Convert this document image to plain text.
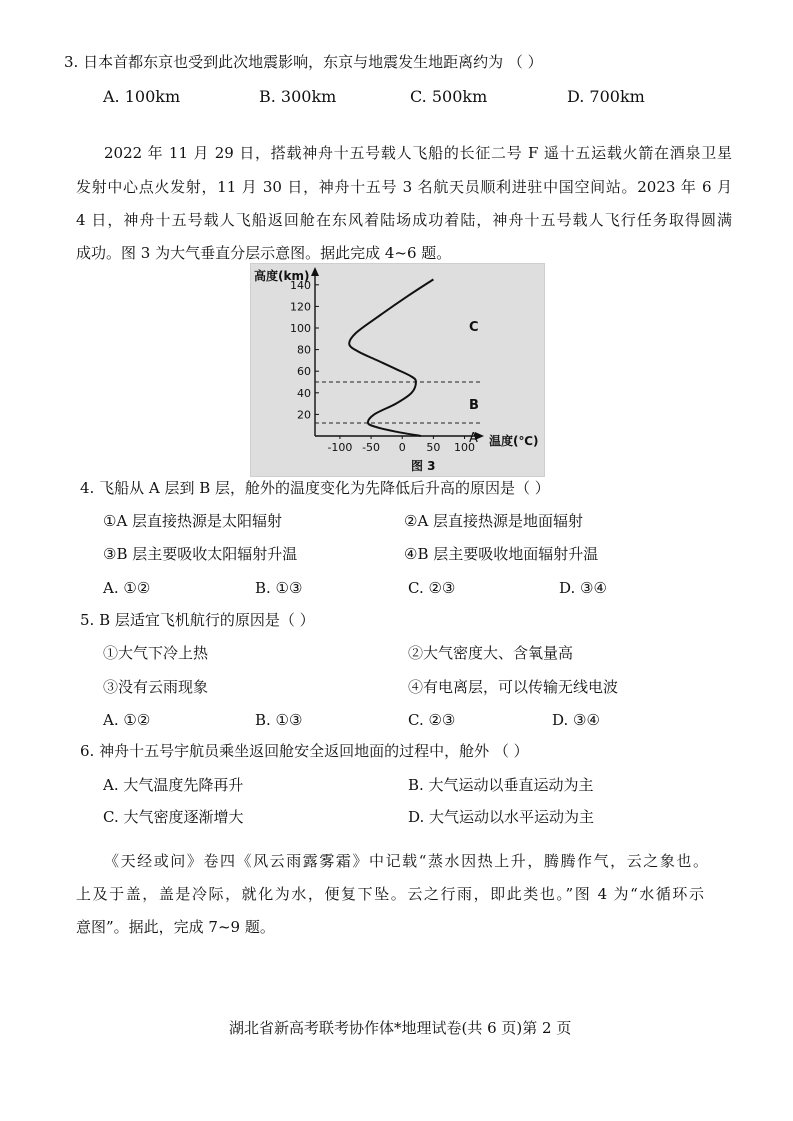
3. 日本首都东京也受到此次地震影响，东京与地震发生地距离约为 （ ）
A. 100km	B. 300km	C. 500km	D. 700km
2022 年 11 月 29 日，搭载神舟十五号载人飞船的长征二号 F 遥十五运载火箭在酒泉卫星
发射中心点火发射，11 月 30 日，神舟十五号 3 名航天员顺利进驻中国空间站。2023 年 6 月
4 日，神舟十五号载人飞船返回舱在东风着陆场成功着陆，神舟十五号载人飞行任务取得圆满
成功。图 3 为大气垂直分层示意图。据此完成 4~6 题。
140
120
100
80
60
40
20
-100 -50 0 50 100
高度(km)
温度(℃)
A
B
C
图 3
4. 飞船从 A 层到 B 层，舱外的温度变化为先降低后升高的原因是（ ）
①A 层直接热源是太阳辐射	②A 层直接热源是地面辐射
③B 层主要吸收太阳辐射升温	④B 层主要吸收地面辐射升温
A. ①②	B. ①③	C. ②③	D. ③④
5. B 层适宜飞机航行的原因是（ ）
①大气下冷上热	②大气密度大、含氧量高
③没有云雨现象	④有电离层，可以传输无线电波
A. ①②	B. ①③	C. ②③	D. ③④
6. 神舟十五号宇航员乘坐返回舱安全返回地面的过程中，舱外 （ ）
A. 大气温度先降再升	B. 大气运动以垂直运动为主
C. 大气密度逐渐增大	D. 大气运动以水平运动为主
《天经或问》卷四《风云雨露雾霜》中记载“蒸水因热上升，腾腾作气，云之象也。
上及于盖，盖是冷际，就化为水，便复下坠。云之行雨，即此类也。”图 4 为“水循环示
意图”。据此，完成 7~9 题。
湖北省新高考联考协作体*地理试卷(共 6 页)第 2 页
